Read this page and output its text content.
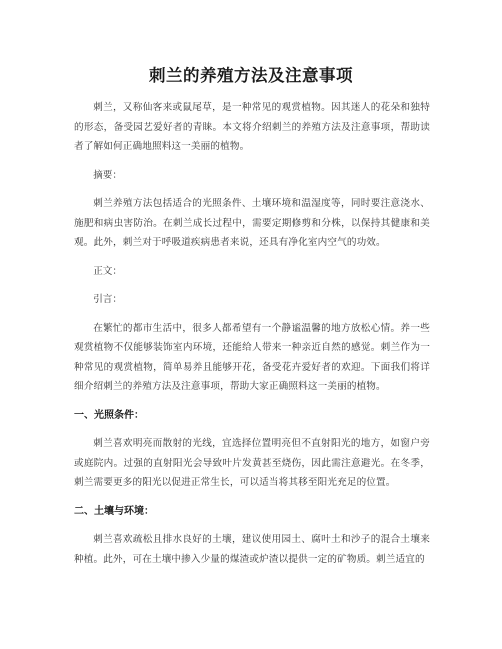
刺兰的养殖方法及注意事项

刺兰，又称仙客来或鼠尾草，是一种常见的观赏植物。因其迷人的花朵和独特的形态，备受园艺爱好者的青睐。本文将介绍刺兰的养殖方法及注意事项，帮助读者了解如何正确地照料这一美丽的植物。

摘要：

刺兰养殖方法包括适合的光照条件、土壤环境和温湿度等，同时要注意浇水、施肥和病虫害防治。在刺兰成长过程中，需要定期修剪和分株，以保持其健康和美观。此外，刺兰对于呼吸道疾病患者来说，还具有净化室内空气的功效。

正文：

引言：

在繁忙的都市生活中，很多人都希望有一个静谧温馨的地方放松心情。养一些观赏植物不仅能够装饰室内环境，还能给人带来一种亲近自然的感觉。刺兰作为一种常见的观赏植物，简单易养且能够开花，备受花卉爱好者的欢迎。下面我们将详细介绍刺兰的养殖方法及注意事项，帮助大家正确照料这一美丽的植物。

一、光照条件：

刺兰喜欢明亮而散射的光线，宜选择位置明亮但不直射阳光的地方，如窗户旁或庭院内。过强的直射阳光会导致叶片发黄甚至烧伤，因此需注意避光。在冬季，刺兰需要更多的阳光以促进正常生长，可以适当将其移至阳光充足的位置。

二、土壤与环境：

刺兰喜欢疏松且排水良好的土壤，建议使用园土、腐叶土和沙子的混合土壤来种植。此外，可在土壤中掺入少量的煤渣或炉渣以提供一定的矿物质。刺兰适宜的
